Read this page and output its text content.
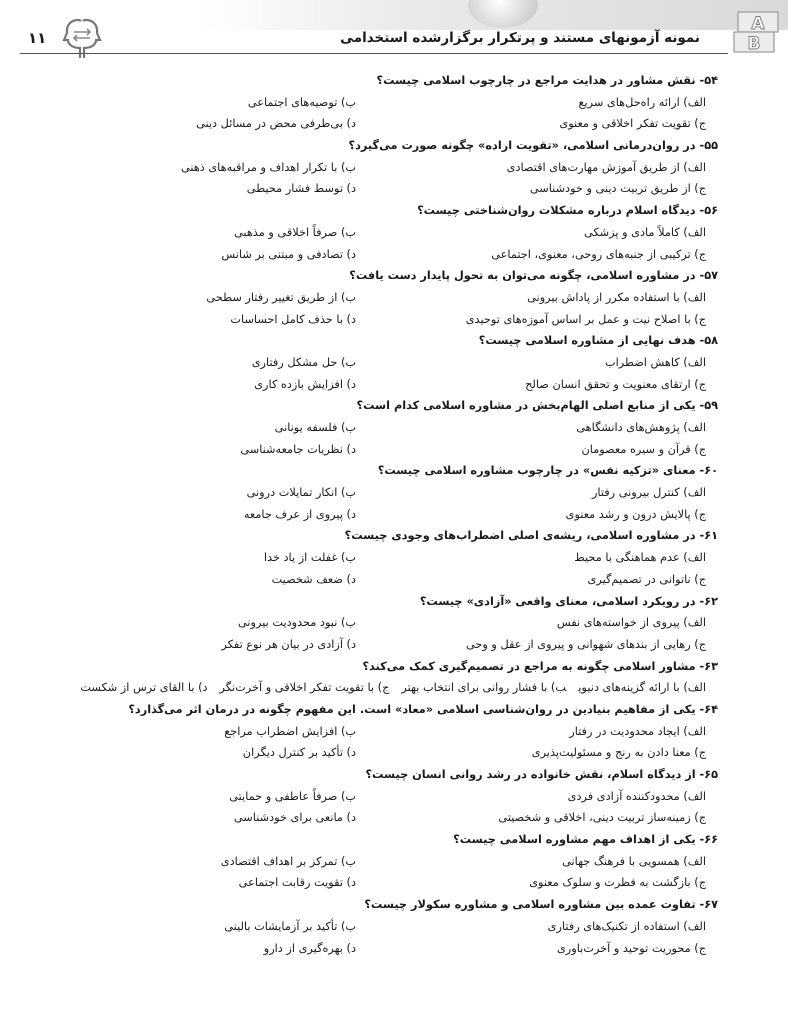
۱۱
A
B
نمونه آزمونهای مستند و پرتکرار برگزارشده استخدامی
۵۴- نقش مشاور در هدایت مراجع در چارچوب اسلامی چیست؟
الف) ارائه راه‌حل‌های سریع
ب) توصیه‌های اجتماعی
ج) تقویت تفکر اخلاقی و معنوی
د) بی‌طرفی محض در مسائل دینی
۵۵- در روان‌درمانی اسلامی، «تقویت اراده» چگونه صورت می‌گیرد؟
الف) از طریق آموزش مهارت‌های اقتصادی
ب) با تکرار اهداف و مراقبه‌های ذهنی
ج) از طریق تربیت دینی و خودشناسی
د) توسط فشار محیطی
۵۶- دیدگاه اسلام درباره مشکلات روان‌شناختی چیست؟
الف) کاملاً مادی و پزشکی
ب) صرفاً اخلاقی و مذهبی
ج) ترکیبی از جنبه‌های روحی، معنوی، اجتماعی
د) تصادفی و مبتنی بر شانس
۵۷- در مشاوره اسلامی، چگونه می‌توان به تحول پایدار دست یافت؟
الف) با استفاده مکرر از پاداش بیرونی
ب) از طریق تغییر رفتار سطحی
ج) با اصلاح نیت و عمل بر اساس آموزه‌های توحیدی
د) با حذف کامل احساسات
۵۸- هدف نهایی از مشاوره اسلامی چیست؟
الف) کاهش اضطراب
ب) حل مشکل رفتاری
ج) ارتقای معنویت و تحقق انسان صالح
د) افزایش بازده کاری
۵۹- یکی از منابع اصلی الهام‌بخش در مشاوره اسلامی کدام است؟
الف) پژوهش‌های دانشگاهی
ب) فلسفه یونانی
ج) قرآن و سیره معصومان
د) نظریات جامعه‌شناسی
۶۰- معنای «تزکیه نفس» در چارچوب مشاوره اسلامی چیست؟
الف) کنترل بیرونی رفتار
ب) انکار تمایلات درونی
ج) پالایش درون و رشد معنوی
د) پیروی از عرف جامعه
۶۱- در مشاوره اسلامی، ریشه‌ی اصلی اضطراب‌های وجودی چیست؟
الف) عدم هماهنگی با محیط
ب) غفلت از یاد خدا
ج) ناتوانی در تصمیم‌گیری
د) ضعف شخصیت
۶۲- در رویکرد اسلامی، معنای واقعی «آزادی» چیست؟
الف) پیروی از خواسته‌های نفس
ب) نبود محدودیت بیرونی
ج) رهایی از بندهای شهوانی و پیروی از عقل و وحی
د) آزادی در بیان هر نوع تفکر
۶۳- مشاور اسلامی چگونه به مراجع در تصمیم‌گیری کمک می‌کند؟
الف) با ارائه گزینه‌های دنیویب) با فشار روانی برای انتخاب بهترج) با تقویت تفکر اخلاقی و آخرت‌نگرد) با القای ترس از شکست
۶۴- یکی از مفاهیم بنیادین در روان‌شناسی اسلامی «معاد» است. این مفهوم چگونه در درمان اثر می‌گذارد؟
الف) ایجاد محدودیت در رفتار
ب) افزایش اضطراب مراجع
ج) معنا دادن به رنج و مسئولیت‌پذیری
د) تأکید بر کنترل دیگران
۶۵- از دیدگاه اسلام، نقش خانواده در رشد روانی انسان چیست؟
الف) محدودکننده آزادی فردی
ب) صرفاً عاطفی و حمایتی
ج) زمینه‌ساز تربیت دینی، اخلاقی و شخصیتی
د) مانعی برای خودشناسی
۶۶- یکی از اهداف مهم مشاوره اسلامی چیست؟
الف) همسویی با فرهنگ جهانی
ب) تمرکز بر اهداف اقتصادی
ج) بازگشت به فطرت و سلوک معنوی
د) تقویت رقابت اجتماعی
۶۷- تفاوت عمده بین مشاوره اسلامی و مشاوره سکولار چیست؟
الف) استفاده از تکنیک‌های رفتاری
ب) تأکید بر آزمایشات بالینی
ج) محوریت توحید و آخرت‌باوری
د) بهره‌گیری از دارو
